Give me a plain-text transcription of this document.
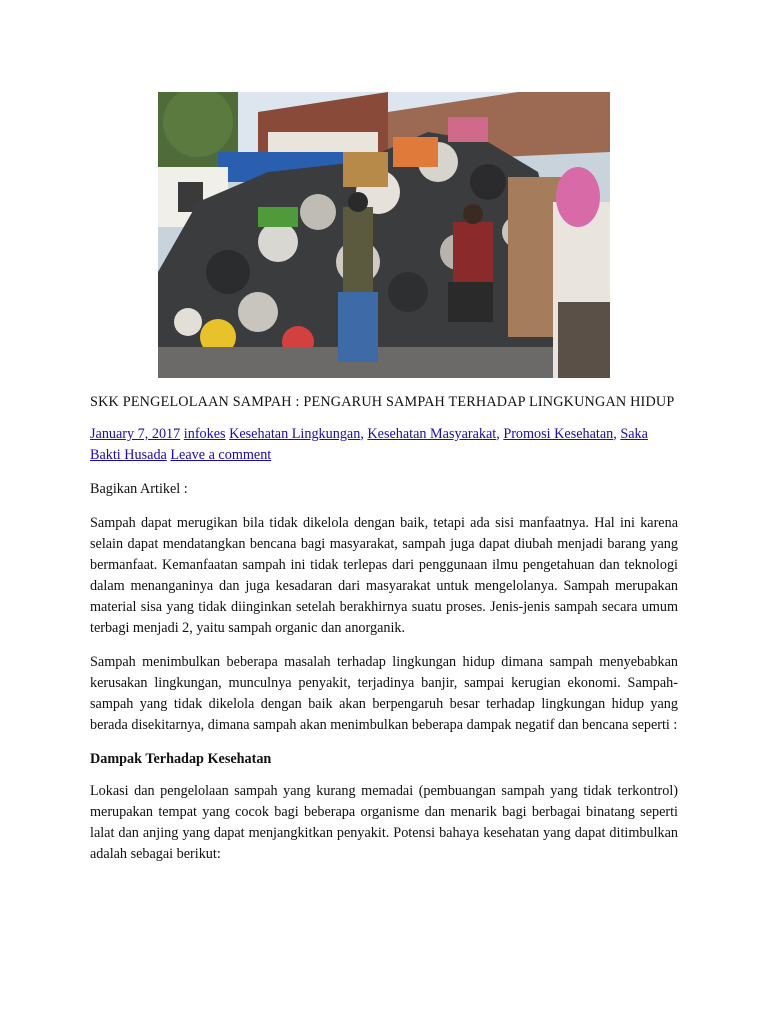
SKK PENGELOLAAN SAMPAH : PENGARUH SAMPAH TERHADAP LINGKUNGAN HIDUP
January 7, 2017 infokes Kesehatan Lingkungan, Kesehatan Masyarakat, Promosi Kesehatan, Saka Bakti Husada Leave a comment
Bagikan Artikel :

Sampah dapat merugikan bila tidak dikelola dengan baik, tetapi ada sisi manfaatnya. Hal ini karena selain dapat mendatangkan bencana bagi masyarakat, sampah juga dapat diubah menjadi barang yang bermanfaat. Kemanfaatan sampah ini tidak terlepas dari penggunaan ilmu pengetahuan dan teknologi dalam menanganinya dan juga kesadaran dari masyarakat untuk mengelolanya. Sampah merupakan material sisa yang tidak diinginkan setelah berakhirnya suatu proses. Jenis-jenis sampah secara umum terbagi menjadi 2, yaitu sampah organic dan anorganik.

Sampah menimbulkan beberapa masalah terhadap lingkungan hidup dimana sampah menyebabkan kerusakan lingkungan, munculnya penyakit, terjadinya banjir, sampai kerugian ekonomi. Sampah-sampah yang tidak dikelola dengan baik akan berpengaruh besar terhadap lingkungan hidup yang berada disekitarnya, dimana sampah akan menimbulkan beberapa dampak negatif dan bencana seperti :

Dampak Terhadap Kesehatan

Lokasi dan pengelolaan sampah yang kurang memadai (pembuangan sampah yang tidak terkontrol) merupakan tempat yang cocok bagi beberapa organisme dan menarik bagi berbagai binatang seperti lalat dan anjing yang dapat menjangkitkan penyakit. Potensi bahaya kesehatan yang dapat ditimbulkan adalah sebagai berikut:
